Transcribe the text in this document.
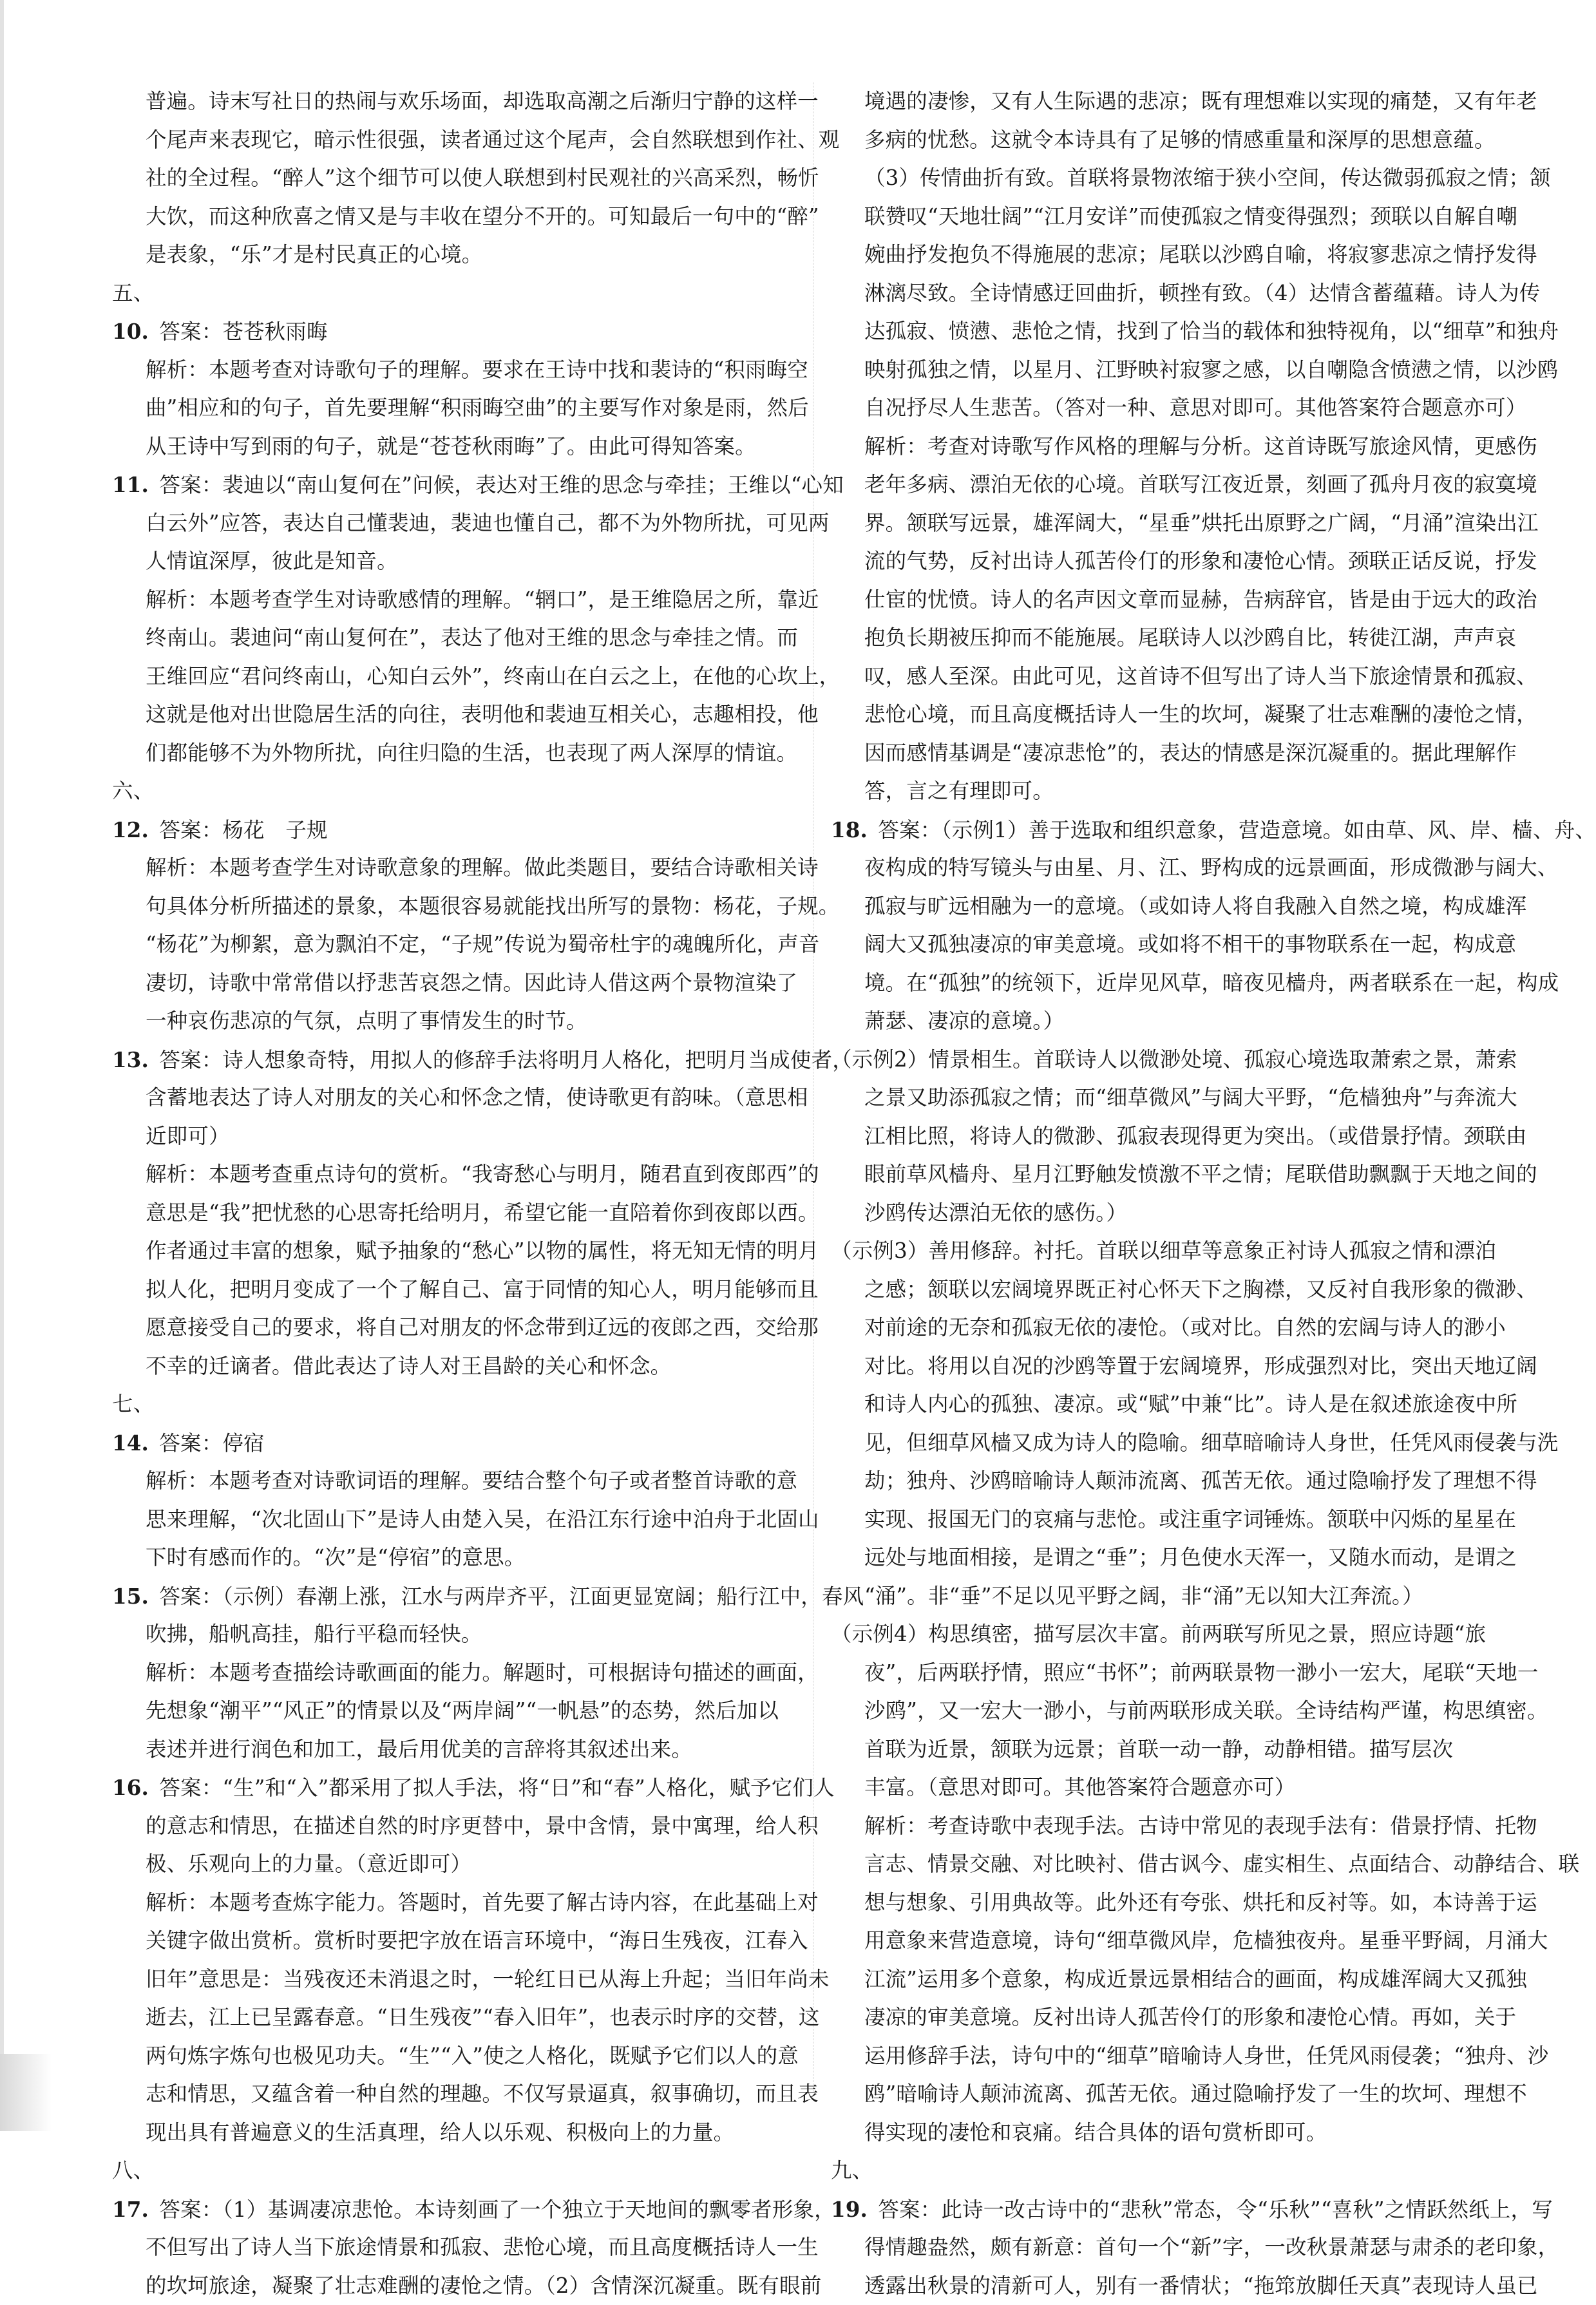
普遍。诗末写社日的热闹与欢乐场面，却选取高潮之后渐归宁静的这样一
个尾声来表现它，暗示性很强，读者通过这个尾声，会自然联想到作社、观
社的全过程。“醉人”这个细节可以使人联想到村民观社的兴高采烈，畅忻
大饮，而这种欣喜之情又是与丰收在望分不开的。可知最后一句中的“醉”
是表象，“乐”才是村民真正的心境。
五、
10.  答案：苍苍秋雨晦
解析：本题考查对诗歌句子的理解。要求在王诗中找和裴诗的“积雨晦空
曲”相应和的句子，首先要理解“积雨晦空曲”的主要写作对象是雨，然后
从王诗中写到雨的句子，就是“苍苍秋雨晦”了。由此可得知答案。
11.  答案：裴迪以“南山复何在”问候，表达对王维的思念与牵挂；王维以“心知
白云外”应答，表达自己懂裴迪，裴迪也懂自己，都不为外物所扰，可见两
人情谊深厚，彼此是知音。
解析：本题考查学生对诗歌感情的理解。“辋口”，是王维隐居之所，靠近
终南山。裴迪问“南山复何在”，表达了他对王维的思念与牵挂之情。而
王维回应“君问终南山，心知白云外”，终南山在白云之上，在他的心坎上，
这就是他对出世隐居生活的向往，表明他和裴迪互相关心，志趣相投，他
们都能够不为外物所扰，向往归隐的生活，也表现了两人深厚的情谊。
六、
12.  答案：杨花　子规
解析：本题考查学生对诗歌意象的理解。做此类题目，要结合诗歌相关诗
句具体分析所描述的景象，本题很容易就能找出所写的景物：杨花，子规。
“杨花”为柳絮，意为飘泊不定，“子规”传说为蜀帝杜宇的魂魄所化，声音
凄切，诗歌中常常借以抒悲苦哀怨之情。因此诗人借这两个景物渲染了
一种哀伤悲凉的气氛，点明了事情发生的时节。
13.  答案：诗人想象奇特，用拟人的修辞手法将明月人格化，把明月当成使者，
含蓄地表达了诗人对朋友的关心和怀念之情，使诗歌更有韵味。（意思相
近即可）
解析：本题考查重点诗句的赏析。“我寄愁心与明月，随君直到夜郎西”的
意思是“我”把忧愁的心思寄托给明月，希望它能一直陪着你到夜郎以西。
作者通过丰富的想象，赋予抽象的“愁心”以物的属性，将无知无情的明月
拟人化，把明月变成了一个了解自己、富于同情的知心人，明月能够而且
愿意接受自己的要求，将自己对朋友的怀念带到辽远的夜郎之西，交给那
不幸的迁谪者。借此表达了诗人对王昌龄的关心和怀念。
七、
14.  答案：停宿
解析：本题考查对诗歌词语的理解。要结合整个句子或者整首诗歌的意
思来理解，“次北固山下”是诗人由楚入吴，在沿江东行途中泊舟于北固山
下时有感而作的。“次”是“停宿”的意思。
15.  答案：（示例）春潮上涨，江水与两岸齐平，江面更显宽阔；船行江中，春风
吹拂，船帆高挂，船行平稳而轻快。
解析：本题考查描绘诗歌画面的能力。解题时，可根据诗句描述的画面，
先想象“潮平”“风正”的情景以及“两岸阔”“一帆悬”的态势，然后加以
表述并进行润色和加工，最后用优美的言辞将其叙述出来。
16.  答案：“生”和“入”都采用了拟人手法，将“日”和“春”人格化，赋予它们人
的意志和情思，在描述自然的时序更替中，景中含情，景中寓理，给人积
极、乐观向上的力量。（意近即可）
解析：本题考查炼字能力。答题时，首先要了解古诗内容，在此基础上对
关键字做出赏析。赏析时要把字放在语言环境中，“海日生残夜，江春入
旧年”意思是：当残夜还未消退之时，一轮红日已从海上升起；当旧年尚未
逝去，江上已呈露春意。“日生残夜”“春入旧年”，也表示时序的交替，这
两句炼字炼句也极见功夫。“生”“入”使之人格化，既赋予它们以人的意
志和情思，又蕴含着一种自然的理趣。不仅写景逼真，叙事确切，而且表
现出具有普遍意义的生活真理，给人以乐观、积极向上的力量。
八、
17.  答案：（1）基调凄凉悲怆。本诗刻画了一个独立于天地间的飘零者形象，
不但写出了诗人当下旅途情景和孤寂、悲怆心境，而且高度概括诗人一生
的坎坷旅途，凝聚了壮志难酬的凄怆之情。（2）含情深沉凝重。既有眼前
境遇的凄惨，又有人生际遇的悲凉；既有理想难以实现的痛楚，又有年老
多病的忧愁。这就令本诗具有了足够的情感重量和深厚的思想意蕴。
（3）传情曲折有致。首联将景物浓缩于狭小空间，传达微弱孤寂之情；颔
联赞叹“天地壮阔”“江月安详”而使孤寂之情变得强烈；颈联以自解自嘲
婉曲抒发抱负不得施展的悲凉；尾联以沙鸥自喻，将寂寥悲凉之情抒发得
淋漓尽致。全诗情感迂回曲折，顿挫有致。（4）达情含蓄蕴藉。诗人为传
达孤寂、愤懑、悲怆之情，找到了恰当的载体和独特视角，以“细草”和独舟
映射孤独之情，以星月、江野映衬寂寥之感，以自嘲隐含愤懑之情，以沙鸥
自况抒尽人生悲苦。（答对一种、意思对即可。其他答案符合题意亦可）
解析：考查对诗歌写作风格的理解与分析。这首诗既写旅途风情，更感伤
老年多病、漂泊无依的心境。首联写江夜近景，刻画了孤舟月夜的寂寞境
界。颔联写远景，雄浑阔大，“星垂”烘托出原野之广阔，“月涌”渲染出江
流的气势，反衬出诗人孤苦伶仃的形象和凄怆心情。颈联正话反说，抒发
仕宦的忧愤。诗人的名声因文章而显赫，告病辞官，皆是由于远大的政治
抱负长期被压抑而不能施展。尾联诗人以沙鸥自比，转徙江湖，声声哀
叹，感人至深。由此可见，这首诗不但写出了诗人当下旅途情景和孤寂、
悲怆心境，而且高度概括诗人一生的坎坷，凝聚了壮志难酬的凄怆之情，
因而感情基调是“凄凉悲怆”的，表达的情感是深沉凝重的。据此理解作
答，言之有理即可。
18.  答案：（示例1）善于选取和组织意象，营造意境。如由草、风、岸、樯、舟、
夜构成的特写镜头与由星、月、江、野构成的远景画面，形成微渺与阔大、
孤寂与旷远相融为一的意境。（或如诗人将自我融入自然之境，构成雄浑
阔大又孤独凄凉的审美意境。或如将不相干的事物联系在一起，构成意
境。在“孤独”的统领下，近岸见风草，暗夜见樯舟，两者联系在一起，构成
萧瑟、凄凉的意境。）
（示例2）情景相生。首联诗人以微渺处境、孤寂心境选取萧索之景，萧索
之景又助添孤寂之情；而“细草微风”与阔大平野，“危樯独舟”与奔流大
江相比照，将诗人的微渺、孤寂表现得更为突出。（或借景抒情。颈联由
眼前草风樯舟、星月江野触发愤激不平之情；尾联借助飘飘于天地之间的
沙鸥传达漂泊无依的感伤。）
（示例3）善用修辞。衬托。首联以细草等意象正衬诗人孤寂之情和漂泊
之感；颔联以宏阔境界既正衬心怀天下之胸襟，又反衬自我形象的微渺、
对前途的无奈和孤寂无依的凄怆。（或对比。自然的宏阔与诗人的渺小
对比。将用以自况的沙鸥等置于宏阔境界，形成强烈对比，突出天地辽阔
和诗人内心的孤独、凄凉。或“赋”中兼“比”。诗人是在叙述旅途夜中所
见，但细草风樯又成为诗人的隐喻。细草暗喻诗人身世，任凭风雨侵袭与洗
劫；独舟、沙鸥暗喻诗人颠沛流离、孤苦无依。通过隐喻抒发了理想不得
实现、报国无门的哀痛与悲怆。或注重字词锤炼。颔联中闪烁的星星在
远处与地面相接，是谓之“垂”；月色使水天浑一，又随水而动，是谓之
“涌”。非“垂”不足以见平野之阔，非“涌”无以知大江奔流。）
（示例4）构思缜密，描写层次丰富。前两联写所见之景，照应诗题“旅
夜”，后两联抒情，照应“书怀”；前两联景物一渺小一宏大，尾联“天地一
沙鸥”，又一宏大一渺小，与前两联形成关联。全诗结构严谨，构思缜密。
首联为近景，颔联为远景；首联一动一静，动静相错。描写层次
丰富。（意思对即可。其他答案符合题意亦可）
解析：考查诗歌中表现手法。古诗中常见的表现手法有：借景抒情、托物
言志、情景交融、对比映衬、借古讽今、虚实相生、点面结合、动静结合、联
想与想象、引用典故等。此外还有夸张、烘托和反衬等。如，本诗善于运
用意象来营造意境，诗句“细草微风岸，危樯独夜舟。星垂平野阔，月涌大
江流”运用多个意象，构成近景远景相结合的画面，构成雄浑阔大又孤独
凄凉的审美意境。反衬出诗人孤苦伶仃的形象和凄怆心情。再如，关于
运用修辞手法，诗句中的“细草”暗喻诗人身世，任凭风雨侵袭；“独舟、沙
鸥”暗喻诗人颠沛流离、孤苦无依。通过隐喻抒发了一生的坎坷、理想不
得实现的凄怆和哀痛。结合具体的语句赏析即可。
九、
19.  答案：此诗一改古诗中的“悲秋”常态，令“乐秋”“喜秋”之情跃然纸上，写
得情趣盎然，颇有新意：首句一个“新”字，一改秋景萧瑟与肃杀的老印象，
透露出秋景的清新可人，别有一番情状；“拖筇放脚任天真”表现诗人虽已
